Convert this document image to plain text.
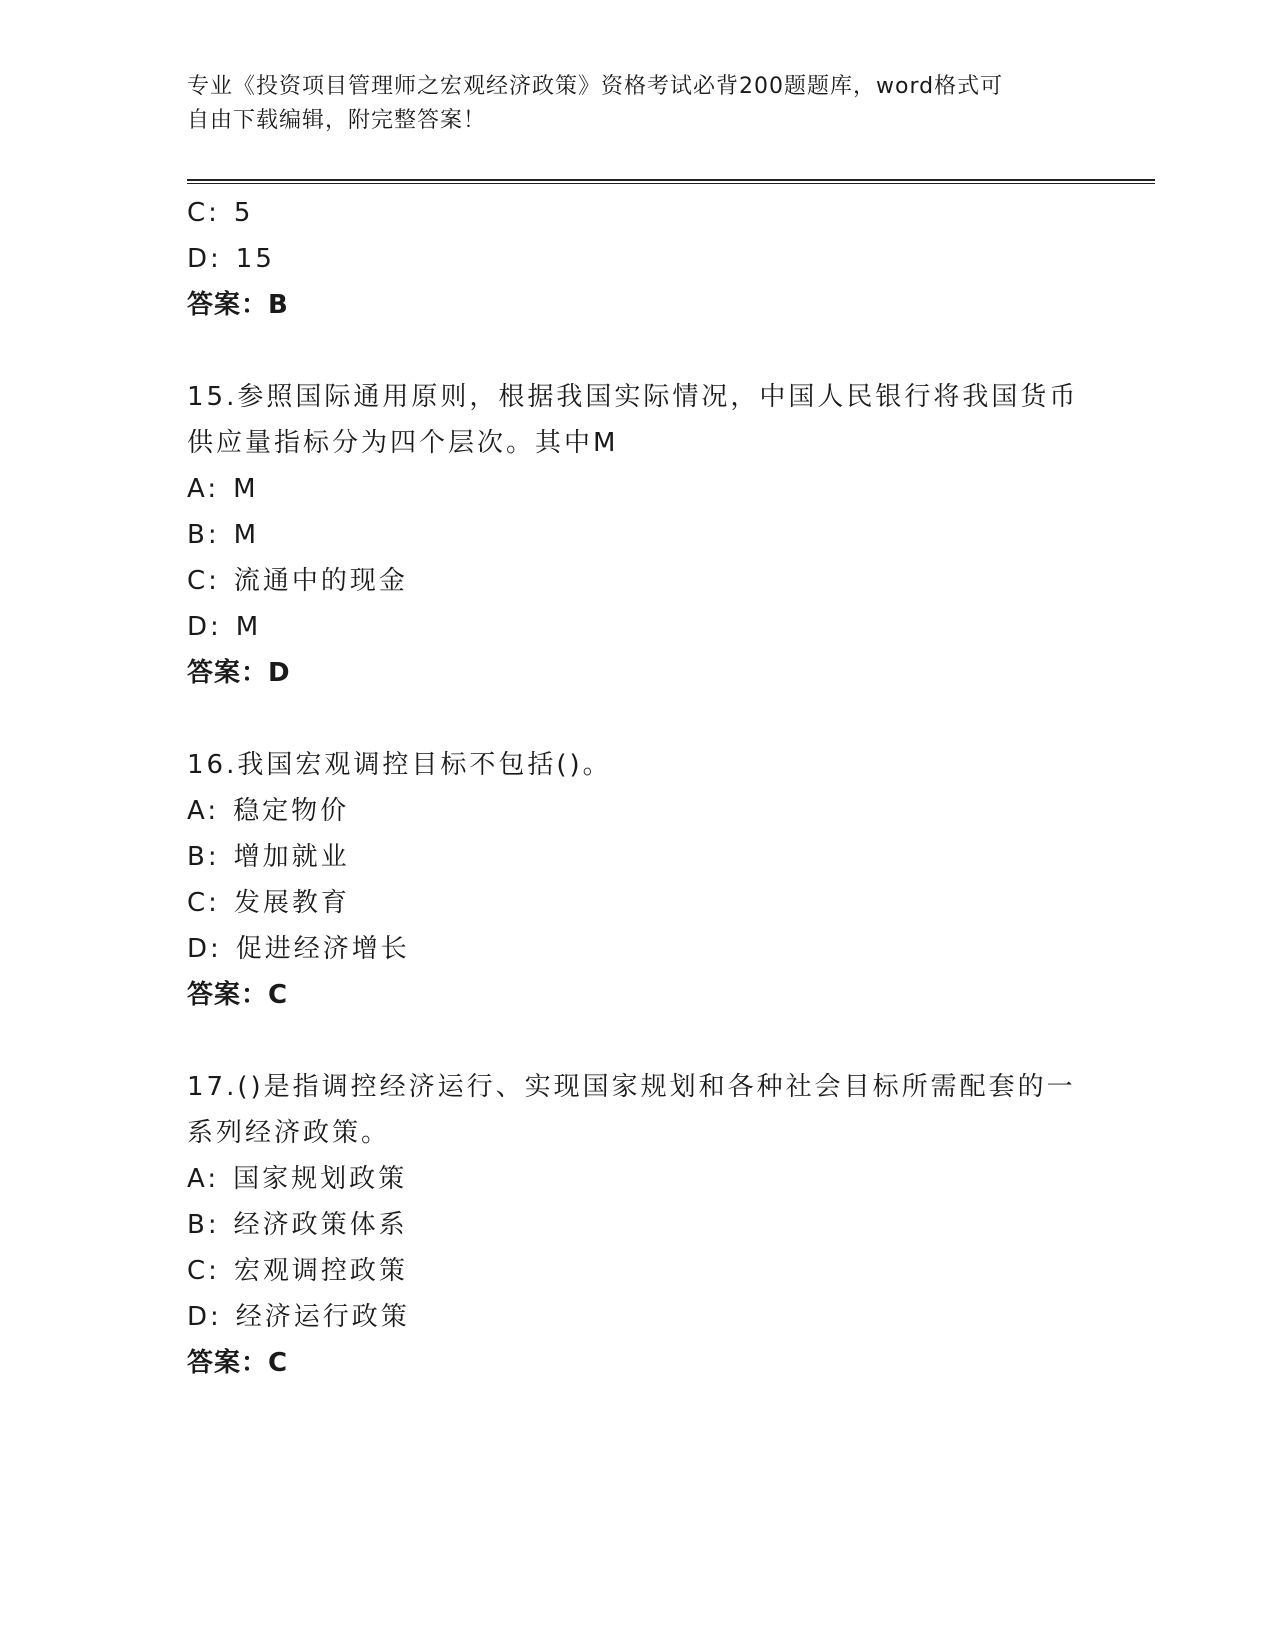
专业《投资项目管理师之宏观经济政策》资格考试必背200题题库，word格式可
自由下载编辑，附完整答案！
C: 5
D: 15
答案：B
15.参照国际通用原则，根据我国实际情况，中国人民银行将我国货币
供应量指标分为四个层次。其中M
A: M
B: M
C: 流通中的现金
D: M
答案：D
16.我国宏观调控目标不包括()。
A: 稳定物价
B: 增加就业
C: 发展教育
D: 促进经济增长
答案：C
17.()是指调控经济运行、实现国家规划和各种社会目标所需配套的一
系列经济政策。
A: 国家规划政策
B: 经济政策体系
C: 宏观调控政策
D: 经济运行政策
答案：C
